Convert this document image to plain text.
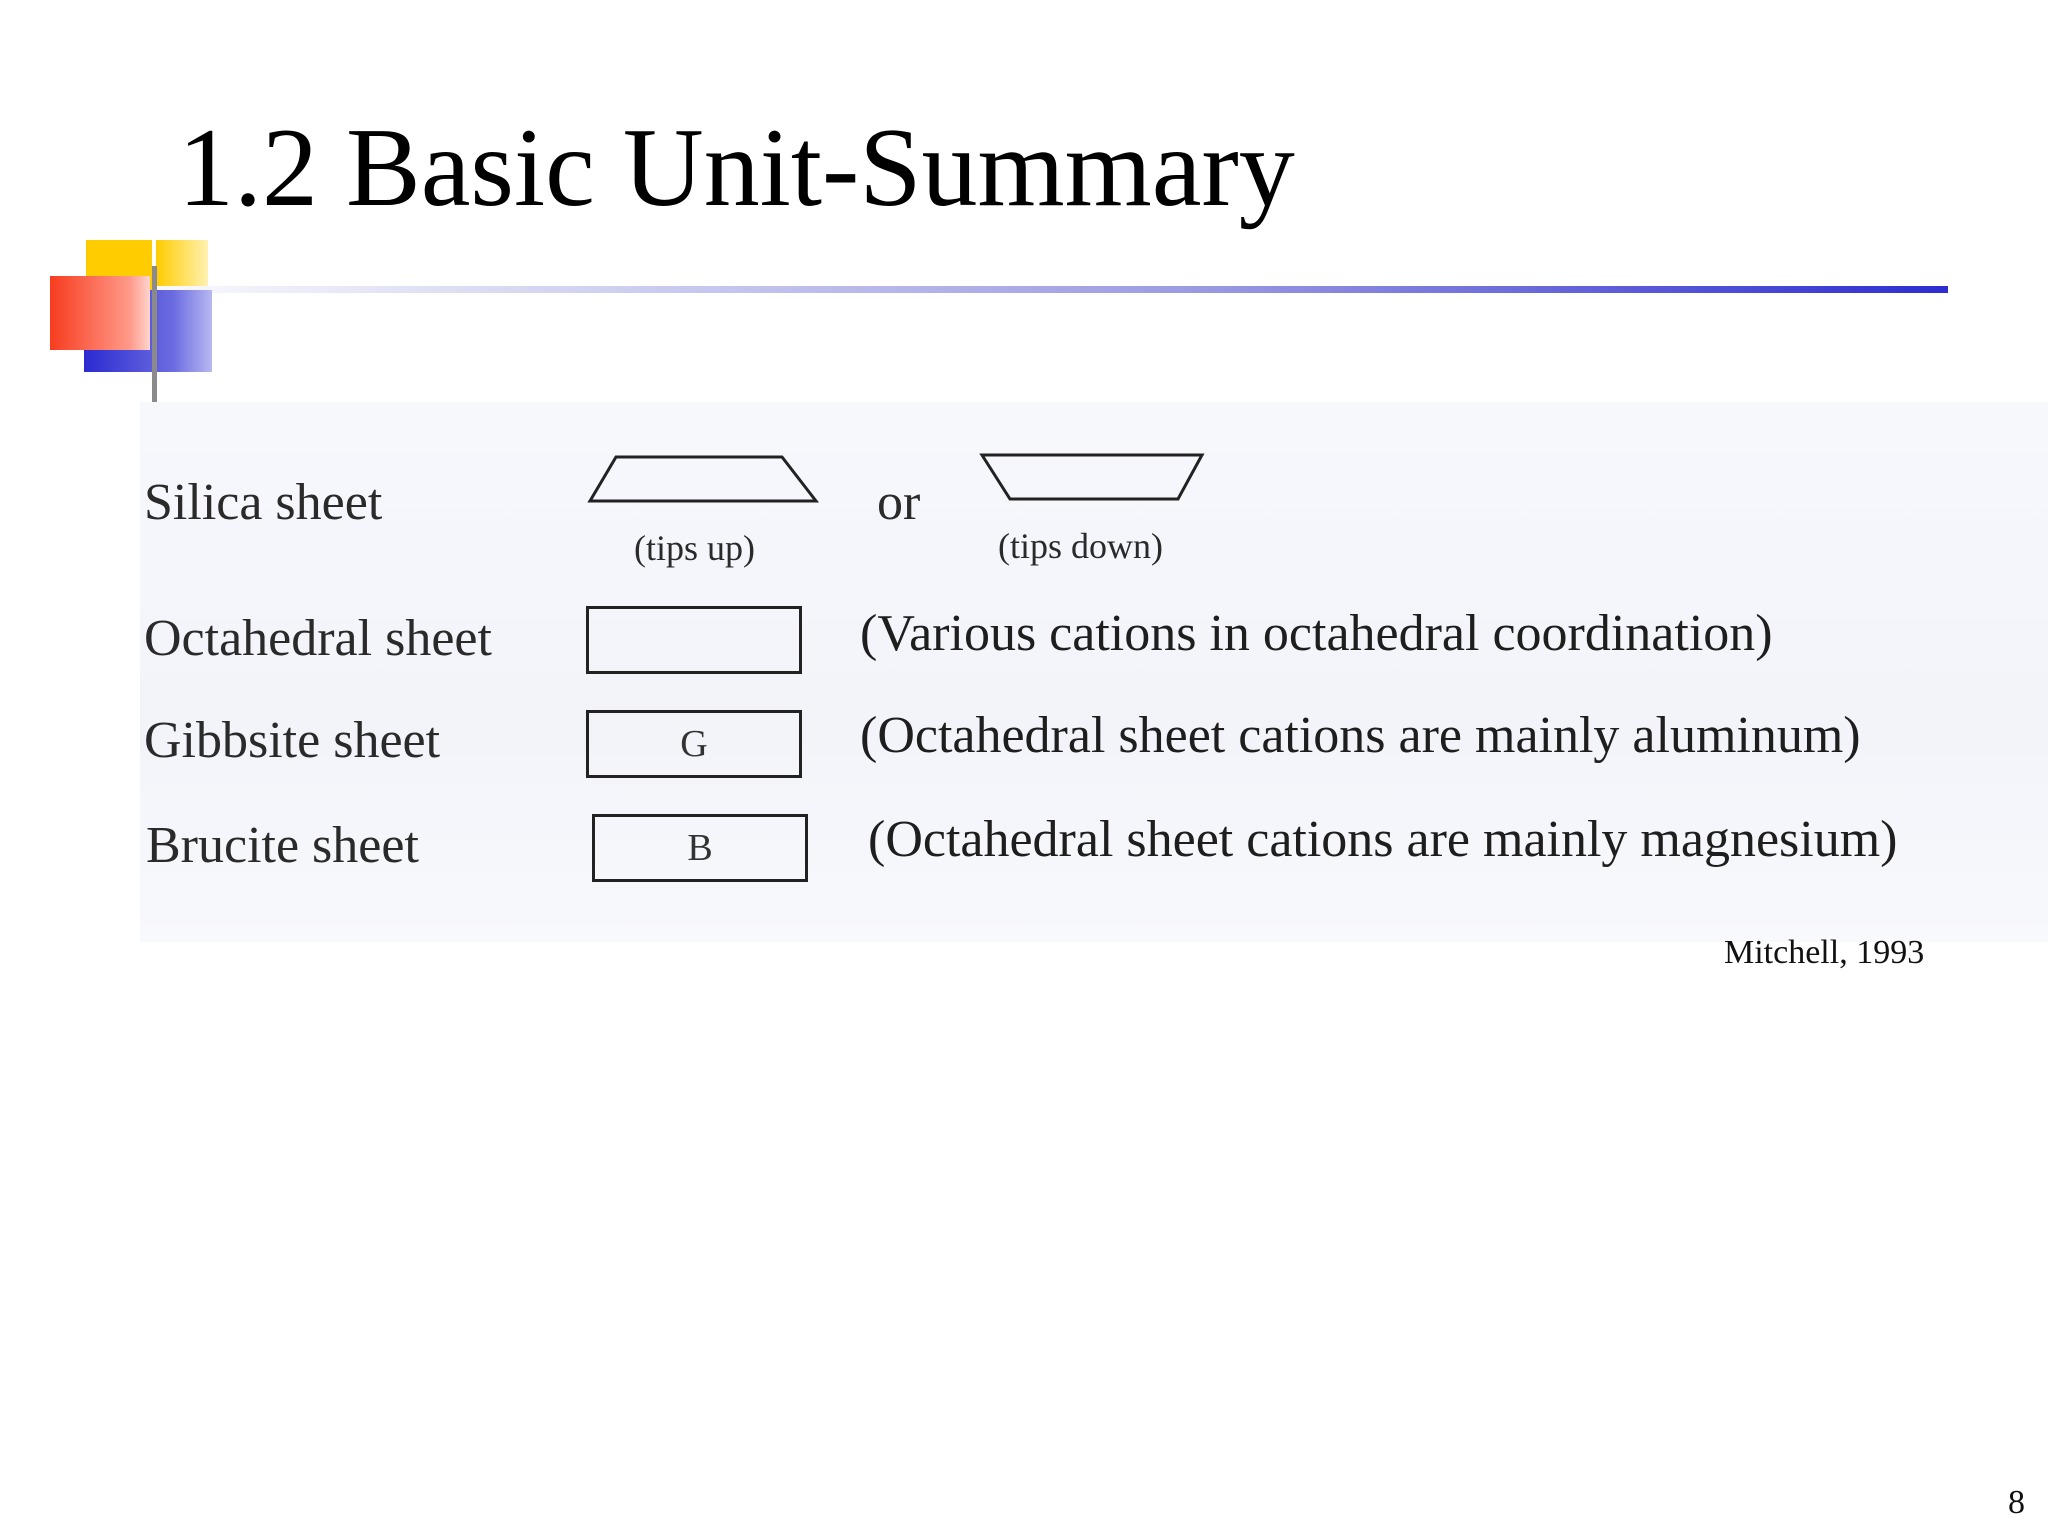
1.2 Basic Unit-Summary
Silica sheet
(tips up)
or
(tips down)
Octahedral sheet	(Various cations in octahedral coordination)
Gibbsite sheet	G	(Octahedral sheet cations are mainly aluminum)
Brucite sheet	B	(Octahedral sheet cations are mainly magnesium)
Mitchell, 1993
8
